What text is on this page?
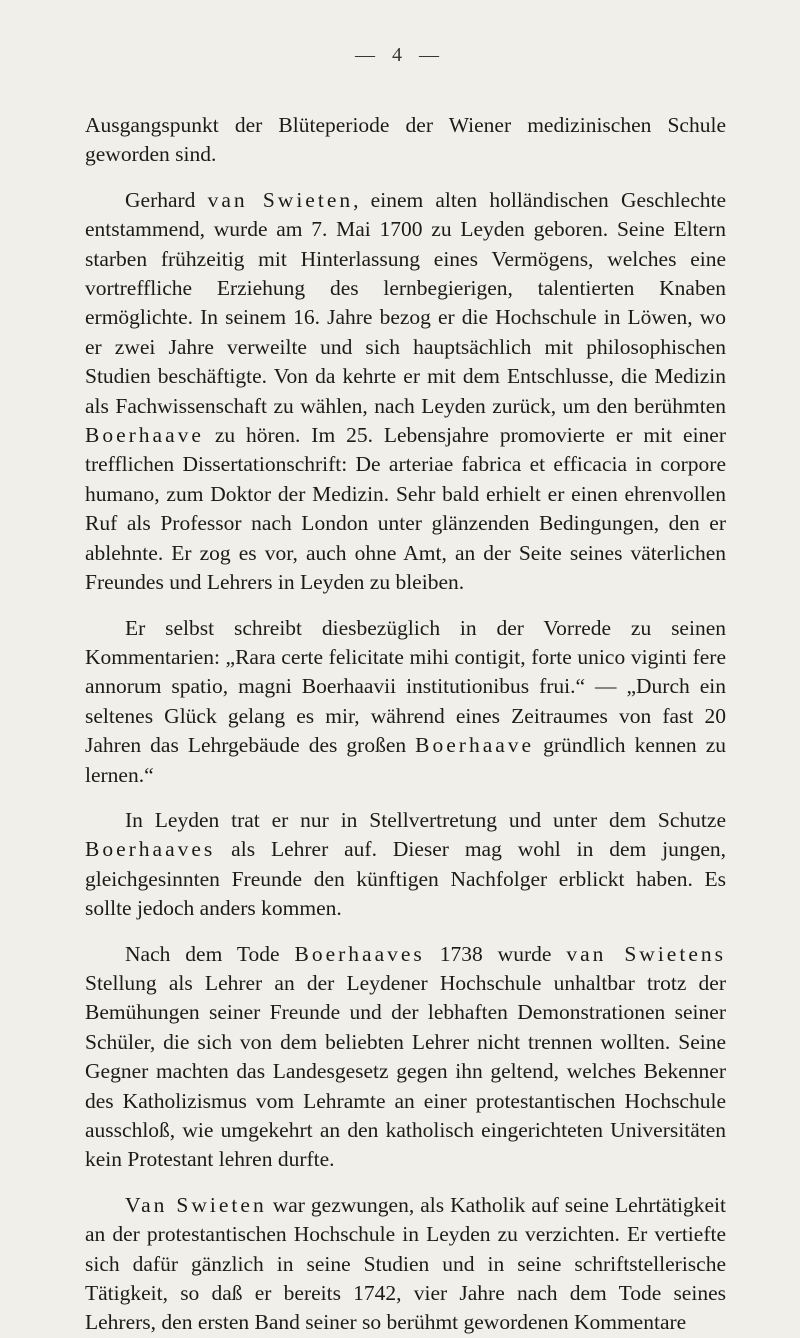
— 4 —

Ausgangspunkt der Blüteperiode der Wiener medizinischen Schule geworden sind.

Gerhard van Swieten, einem alten holländischen Geschlechte entstammend, wurde am 7. Mai 1700 zu Leyden geboren. Seine Eltern starben frühzeitig mit Hinterlassung eines Vermögens, welches eine vortreffliche Erziehung des lernbegierigen, talentierten Knaben ermöglichte. In seinem 16. Jahre bezog er die Hochschule in Löwen, wo er zwei Jahre verweilte und sich hauptsächlich mit philosophischen Studien beschäftigte. Von da kehrte er mit dem Entschlusse, die Medizin als Fachwissenschaft zu wählen, nach Leyden zurück, um den berühmten Boerhaave zu hören. Im 25. Lebensjahre promovierte er mit einer trefflichen Dissertationschrift: De arteriae fabrica et efficacia in corpore humano, zum Doktor der Medizin. Sehr bald erhielt er einen ehrenvollen Ruf als Professor nach London unter glänzenden Bedingungen, den er ablehnte. Er zog es vor, auch ohne Amt, an der Seite seines väterlichen Freundes und Lehrers in Leyden zu bleiben.

Er selbst schreibt diesbezüglich in der Vorrede zu seinen Kommentarien: „Rara certe felicitate mihi contigit, forte unico viginti fere annorum spatio, magni Boerhaavii institutionibus frui.“ — „Durch ein seltenes Glück gelang es mir, während eines Zeitraumes von fast 20 Jahren das Lehrgebäude des großen Boerhaave gründlich kennen zu lernen.“

In Leyden trat er nur in Stellvertretung und unter dem Schutze Boerhaaves als Lehrer auf. Dieser mag wohl in dem jungen, gleichgesinnten Freunde den künftigen Nachfolger erblickt haben. Es sollte jedoch anders kommen.

Nach dem Tode Boerhaaves 1738 wurde van Swietens Stellung als Lehrer an der Leydener Hochschule unhaltbar trotz der Bemühungen seiner Freunde und der lebhaften Demonstrationen seiner Schüler, die sich von dem beliebten Lehrer nicht trennen wollten. Seine Gegner machten das Landesgesetz gegen ihn geltend, welches Bekenner des Katholizismus vom Lehramte an einer protestantischen Hochschule ausschloß, wie umgekehrt an den katholisch eingerichteten Universitäten kein Protestant lehren durfte.

Van Swieten war gezwungen, als Katholik auf seine Lehrtätigkeit an der protestantischen Hochschule in Leyden zu verzichten. Er vertiefte sich dafür gänzlich in seine Studien und in seine schriftstellerische Tätigkeit, so daß er bereits 1742, vier Jahre nach dem Tode seines Lehrers, den ersten Band seiner so berühmt gewordenen Kommentare
